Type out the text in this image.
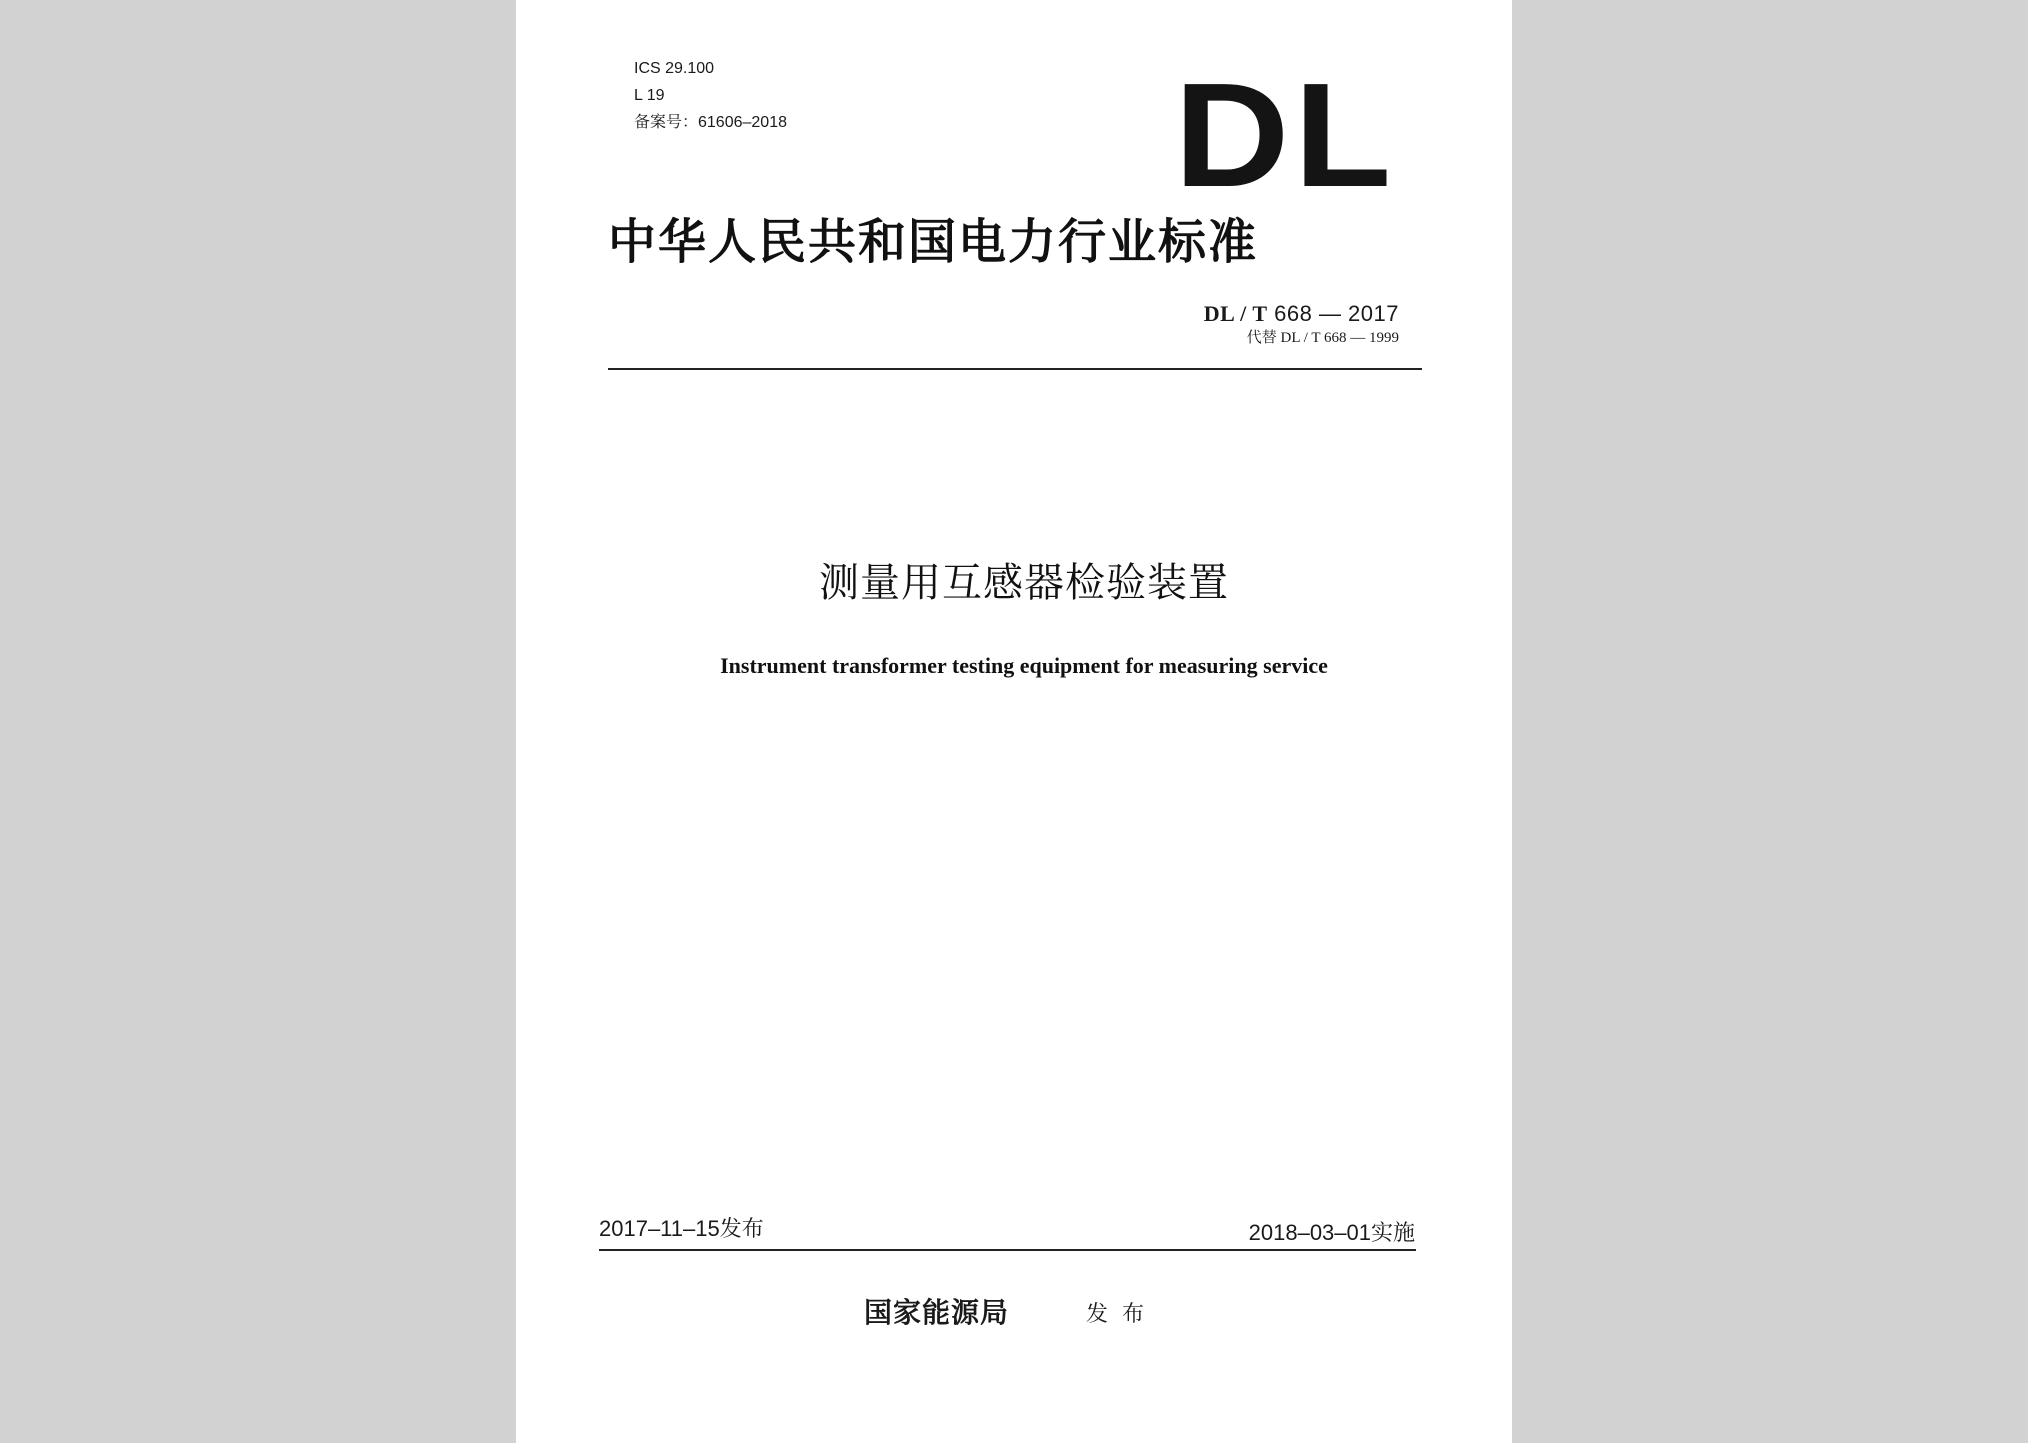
ICS 29.100
L 19
备案号：61606–2018	DL
中华人民共和国电力行业标准
DL / T 668 — 2017
代替 DL / T 668 — 1999
测量用互感器检验装置
Instrument transformer testing equipment for measuring service
2017–11–15发布	2018–03–01实施
国家能源局	发布
